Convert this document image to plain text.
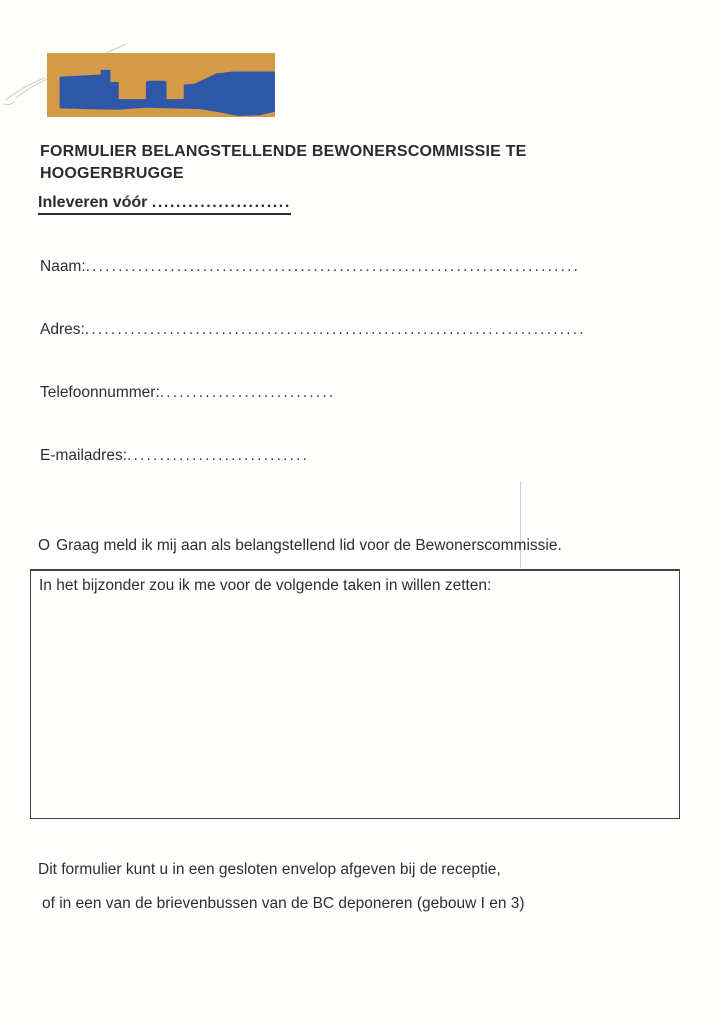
FORMULIER BELANGSTELLENDE BEWONERSCOMMISSIE TE
HOOGERBRUGGE
Inleveren vóór .......................
Naam:............................................................................
Adres:.............................................................................
Telefoonnummer:...........................
E-mailadres:............................
O Graag meld ik mij aan als belangstellend lid voor de Bewonerscommissie.
In het bijzonder zou ik me voor de volgende taken in willen zetten:
Dit formulier kunt u in een gesloten envelop afgeven bij de receptie,
of in een van de brievenbussen van de BC deponeren (gebouw I en 3)
